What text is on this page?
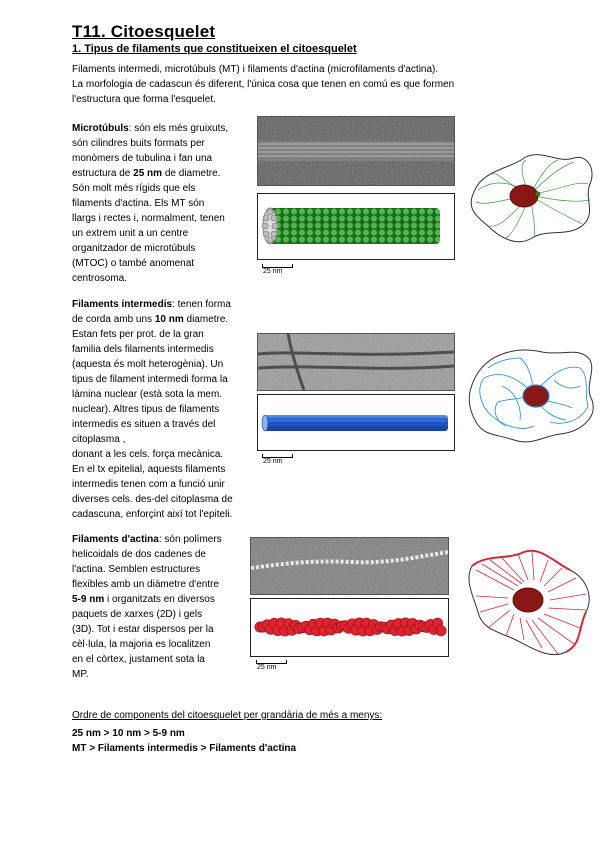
T11. Citoesquelet
1. Tipus de filaments que constitueixen el citoesquelet
Filaments intermedi, microtúbuls (MT) i filaments d'actina (microfilaments d'actina).
La morfologia de cadascun és diferent, l'única cosa que tenen en comú es que formen
l'estructura que forma l'esquelet.
Microtúbuls: són els més gruixuts,
són cilindres buits formats per
monòmers de tubulina i fan una
estructura de 25 nm de diametre.
Són molt més rígids que els
filaments d'actina. Els MT són
llargs i rectes i, normalment, tenen
un extrem unit a un centre
organitzador de microtúbuls
(MTOC) o també anomenat
centrosoma.
25 nm
Filaments intermedis: tenen forma
de corda amb uns 10 nm diametre.
Estan fets per prot. de la gran
familia dels filaments intermedis
(aquesta és molt heterogènia). Un
tipus de filament intermedi forma la
làmina nuclear (està sota la mem.
nuclear). Altres tipus de filaments
intermedis es situen a través del
citoplasma ,
donant a les cels. força mecànica.
En el tx epitelial, aquests filaments
intermedis tenen com a funció unir
diverses cels. des-del citoplasma de
cadascuna, enforçint així tot l'epiteli.
25 nm
Filaments d'actina: són polímers
helicoidals de dos cadenes de
l'actina. Semblen estructures
flexibles amb un diàmetre d'entre
5-9 nm i organitzats en diversos
paquets de xarxes (2D) i gels
(3D). Tot i estar dispersos per la
cèl·lula, la majoria es localitzen
en el còrtex, justament sota la
MP.
25 nm
Ordre de components del citoesquelet per grandària de més a menys:
25 nm > 10 nm > 5-9 nm
MT > Filaments intermedis > Filaments d'actina
